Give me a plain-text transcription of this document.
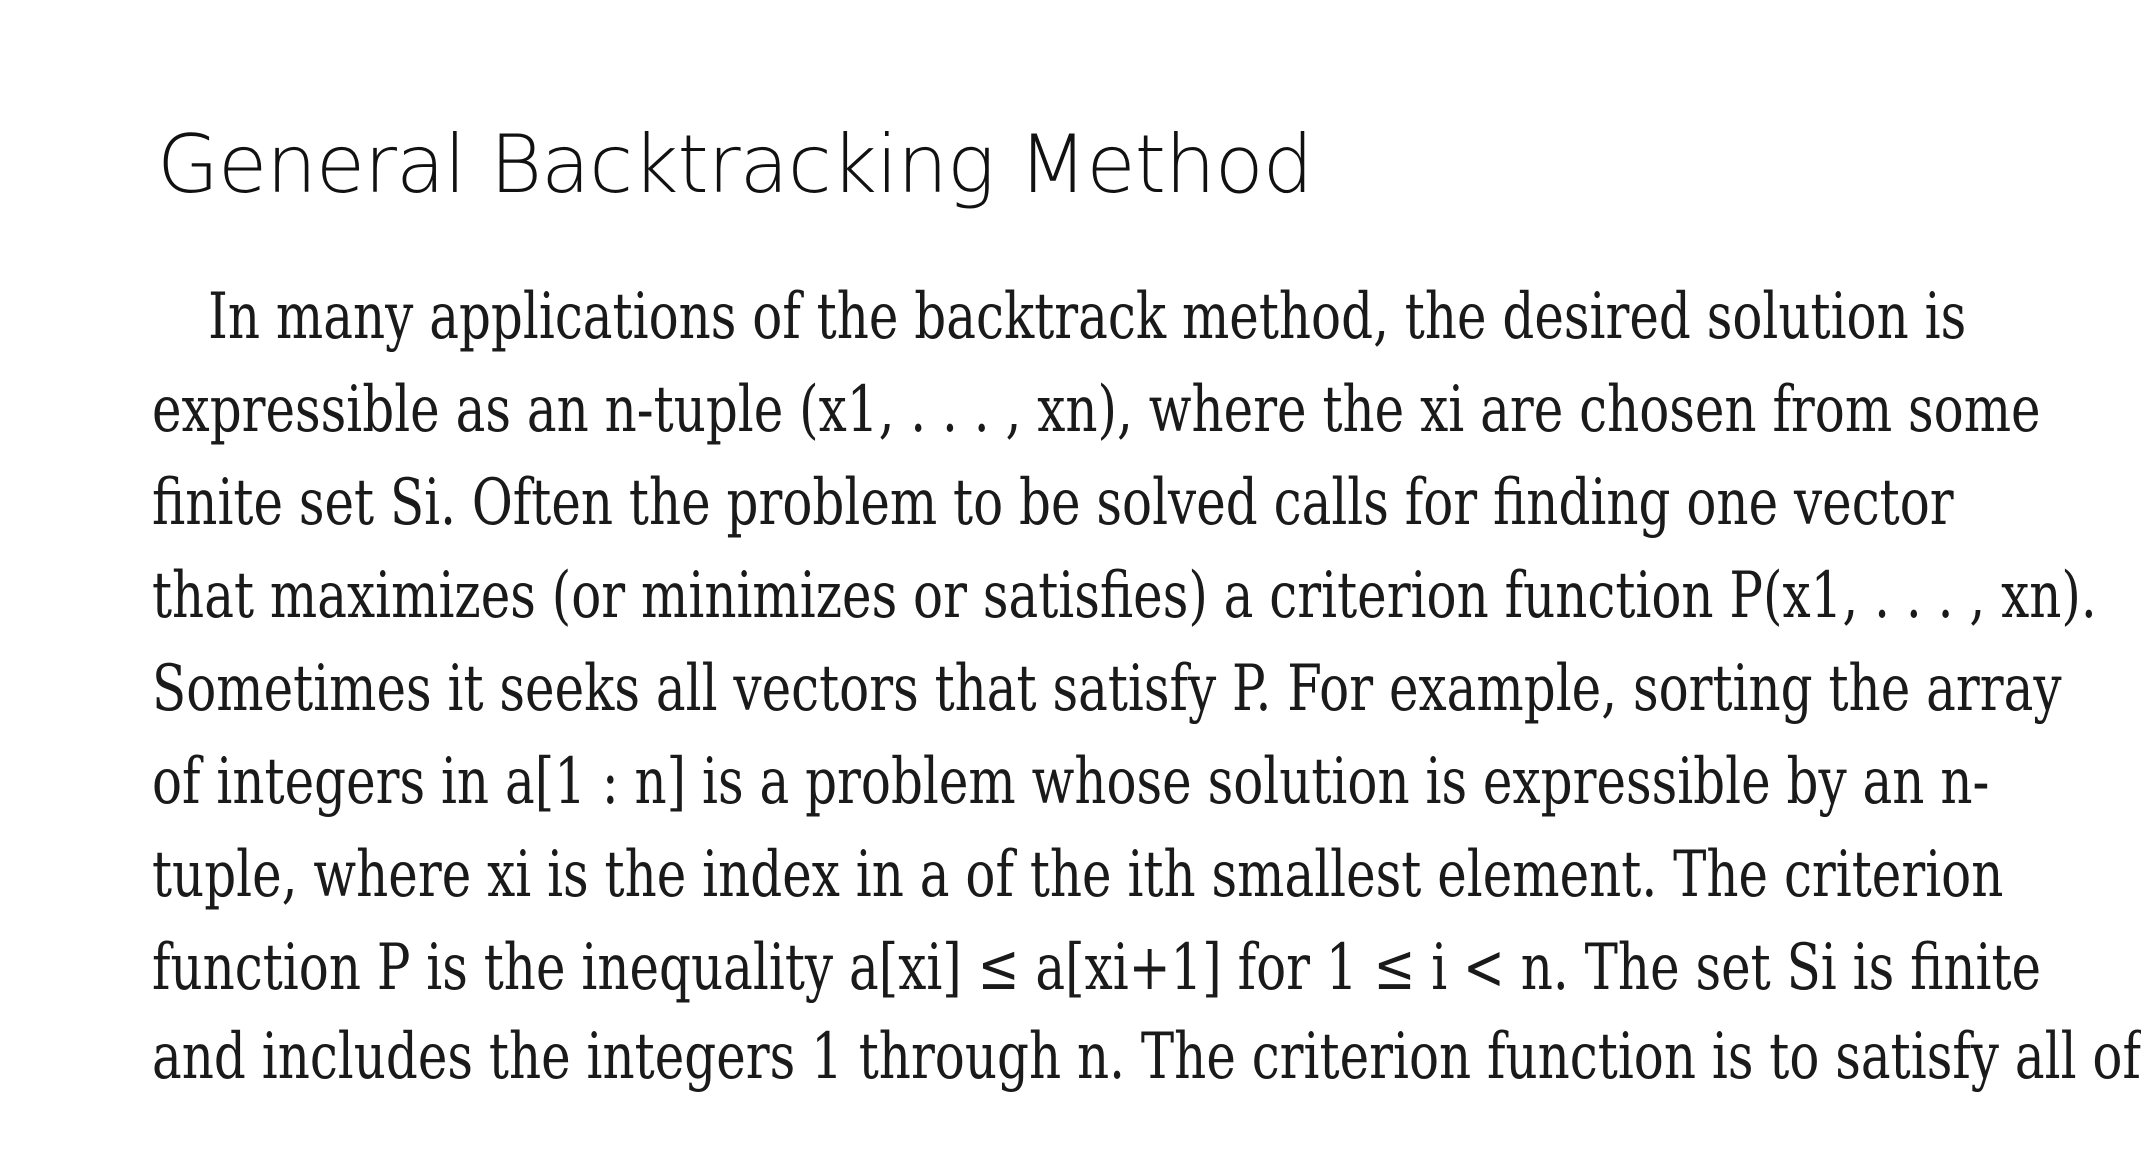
General Backtracking Method
In many applications of the backtrack method, the desired solution is
expressible as an n-tuple (x1, . . . , xn), where the xi are chosen from some
finite set Si. Often the problem to be solved calls for finding one vector
that maximizes (or minimizes or satisfies) a criterion function P(x1, . . . , xn).
Sometimes it seeks all vectors that satisfy P. For example, sorting the array
of integers in a[1 : n] is a problem whose solution is expressible by an n-
tuple, where xi is the index in a of the ith smallest element. The criterion
function P is the inequality a[xi] ≤ a[xi+1] for 1 ≤ i < n. The set Si is finite
and includes the integers 1 through n. The criterion function is to satisfy all of
